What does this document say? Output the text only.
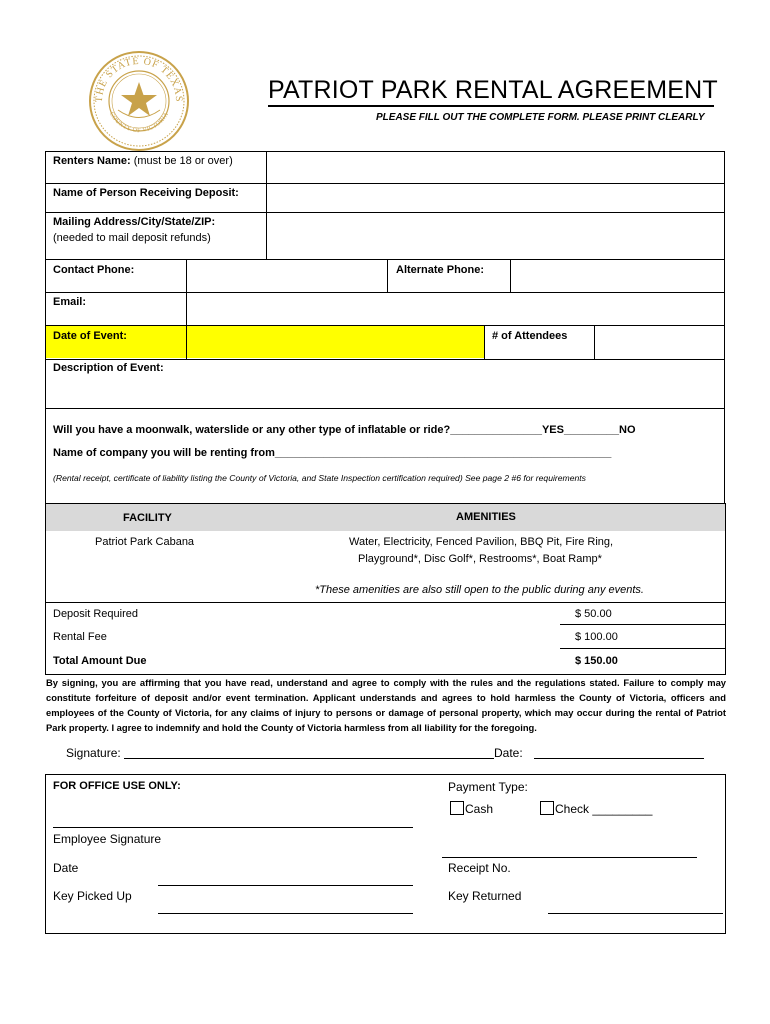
THE STATE OF TEXAS
COUNTY OF VICTORIA
PATRIOT PARK RENTAL AGREEMENT
PLEASE FILL OUT THE COMPLETE FORM. PLEASE PRINT CLEARLY
Renters Name: (must be 18 or over)
Name of Person Receiving Deposit:
Mailing Address/City/State/ZIP:
(needed to mail deposit refunds)
Contact Phone:	Alternate Phone:
Email:
Date of Event:	# of Attendees
Description of Event:
Will you have a moonwalk, waterslide or any other type of inflatable or ride?_______________YES_________NO
Name of company you will be renting from_______________________________________________________
(Rental receipt, certificate of liability listing the County of Victoria, and State Inspection certification required) See page 2 #6 for requirements
FACILITY	AMENITIES
Patriot Park Cabana	Water, Electricity, Fenced Pavilion, BBQ Pit, Fire Ring,
Playground*, Disc Golf*, Restrooms*, Boat Ramp*
*These amenities are also still open to the public during any events.
Deposit Required	$ 50.00
Rental Fee	$ 100.00
Total Amount Due	$ 150.00
By signing, you are affirming that you have read, understand and agree to comply with the rules and the regulations stated. Failure to comply may constitute forfeiture of deposit and/or event termination. Applicant understands and agrees to hold harmless the County of Victoria, officers and employees of the County of Victoria, for any claims of injury to persons or damage of personal property, which may occur during the rental of Patriot Park property. I agree to indemnify and hold the County of Victoria harmless from all liability for the foregoing.
Signature:	Date:
FOR OFFICE USE ONLY:	Payment Type:
Cash	Check _________
Employee Signature
Date	Receipt No.
Key Picked Up	Key Returned
